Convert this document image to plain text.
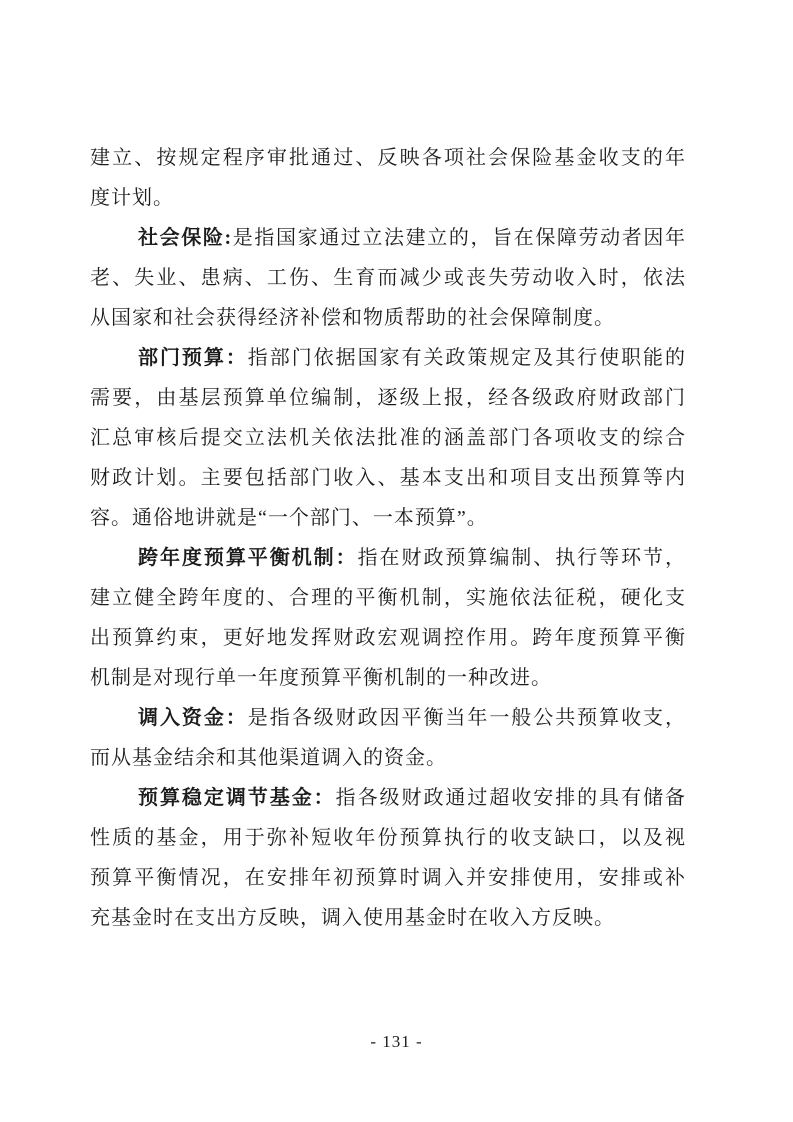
建立、按规定程序审批通过、反映各项社会保险基金收支的年
度计划。
社会保险:是指国家通过立法建立的，旨在保障劳动者因年
老、失业、患病、工伤、生育而减少或丧失劳动收入时，依法
从国家和社会获得经济补偿和物质帮助的社会保障制度。
部门预算：指部门依据国家有关政策规定及其行使职能的
需要，由基层预算单位编制，逐级上报，经各级政府财政部门
汇总审核后提交立法机关依法批准的涵盖部门各项收支的综合
财政计划。主要包括部门收入、基本支出和项目支出预算等内
容。通俗地讲就是“一个部门、一本预算”。
跨年度预算平衡机制：指在财政预算编制、执行等环节，
建立健全跨年度的、合理的平衡机制，实施依法征税，硬化支
出预算约束，更好地发挥财政宏观调控作用。跨年度预算平衡
机制是对现行单一年度预算平衡机制的一种改进。
调入资金：是指各级财政因平衡当年一般公共预算收支，
而从基金结余和其他渠道调入的资金。
预算稳定调节基金：指各级财政通过超收安排的具有储备
性质的基金，用于弥补短收年份预算执行的收支缺口，以及视
预算平衡情况，在安排年初预算时调入并安排使用，安排或补
充基金时在支出方反映，调入使用基金时在收入方反映。
- 131 -
